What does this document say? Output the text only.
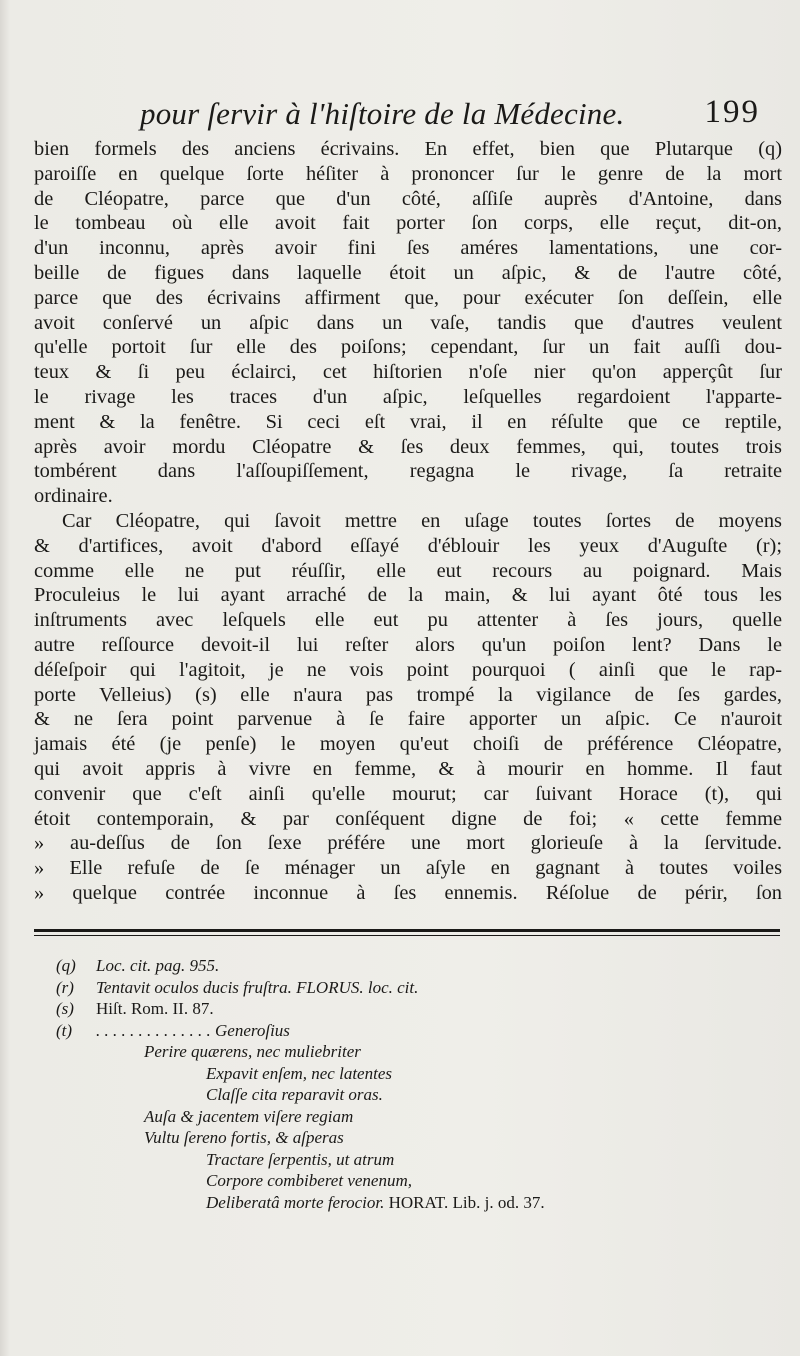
pour ſervir à l'hiſtoire de la Médecine. 199
bien formels des anciens écrivains. En effet, bien que Plutarque (q)
paroiſſe en quelque ſorte héſiter à prononcer ſur le genre de la mort
de Cléopatre, parce que d'un côté, aſſiſe auprès d'Antoine, dans
le tombeau où elle avoit fait porter ſon corps, elle reçut, dit-on,
d'un inconnu, après avoir fini ſes améres lamentations, une cor-
beille de figues dans laquelle étoit un aſpic, & de l'autre côté,
parce que des écrivains affirment que, pour exécuter ſon deſſein, elle
avoit conſervé un aſpic dans un vaſe, tandis que d'autres veulent
qu'elle portoit ſur elle des poiſons; cependant, ſur un fait auſſi dou-
teux & ſi peu éclairci, cet hiſtorien n'oſe nier qu'on apperçût ſur
le rivage les traces d'un aſpic, leſquelles regardoient l'apparte-
ment & la fenêtre. Si ceci eſt vrai, il en réſulte que ce reptile,
après avoir mordu Cléopatre & ſes deux femmes, qui, toutes trois
tombérent dans l'aſſoupiſſement, regagna le rivage, ſa retraite
ordinaire.
Car Cléopatre, qui ſavoit mettre en uſage toutes ſortes de moyens
& d'artifices, avoit d'abord eſſayé d'éblouir les yeux d'Auguſte (r);
comme elle ne put réuſſir, elle eut recours au poignard. Mais
Proculeius le lui ayant arraché de la main, & lui ayant ôté tous les
inſtruments avec leſquels elle eut pu attenter à ſes jours, quelle
autre reſſource devoit-il lui reſter alors qu'un poiſon lent? Dans le
déſeſpoir qui l'agitoit, je ne vois point pourquoi ( ainſi que le rap-
porte Velleius) (s) elle n'aura pas trompé la vigilance de ſes gardes,
& ne ſera point parvenue à ſe faire apporter un aſpic. Ce n'auroit
jamais été (je penſe) le moyen qu'eut choiſi de préférence Cléopatre,
qui avoit appris à vivre en femme, & à mourir en homme. Il faut
convenir que c'eſt ainſi qu'elle mourut; car ſuivant Horace (t), qui
étoit contemporain, & par conſéquent digne de foi; « cette femme
» au-deſſus de ſon ſexe préfére une mort glorieuſe à la ſervitude.
» Elle refuſe de ſe ménager un aſyle en gagnant à toutes voiles
» quelque contrée inconnue à ſes ennemis. Réſolue de périr, ſon
(q) Loc. cit. pag. 955.
(r) Tentavit oculos ducis fruſtra. FLORUS. loc. cit.
(s) Hiſt. Rom. II. 87.
(t) . . . . . . . . . . . . . . Generoſius
Perire quærens, nec muliebriter
Expavit enſem, nec latentes
Claſſe cita reparavit oras.
Auſa & jacentem viſere regiam
Vultu ſereno fortis, & aſperas
Tractare ſerpentis, ut atrum
Corpore combiberet venenum,
Deliberatâ morte ferocior. HORAT. Lib. j. od. 37.
